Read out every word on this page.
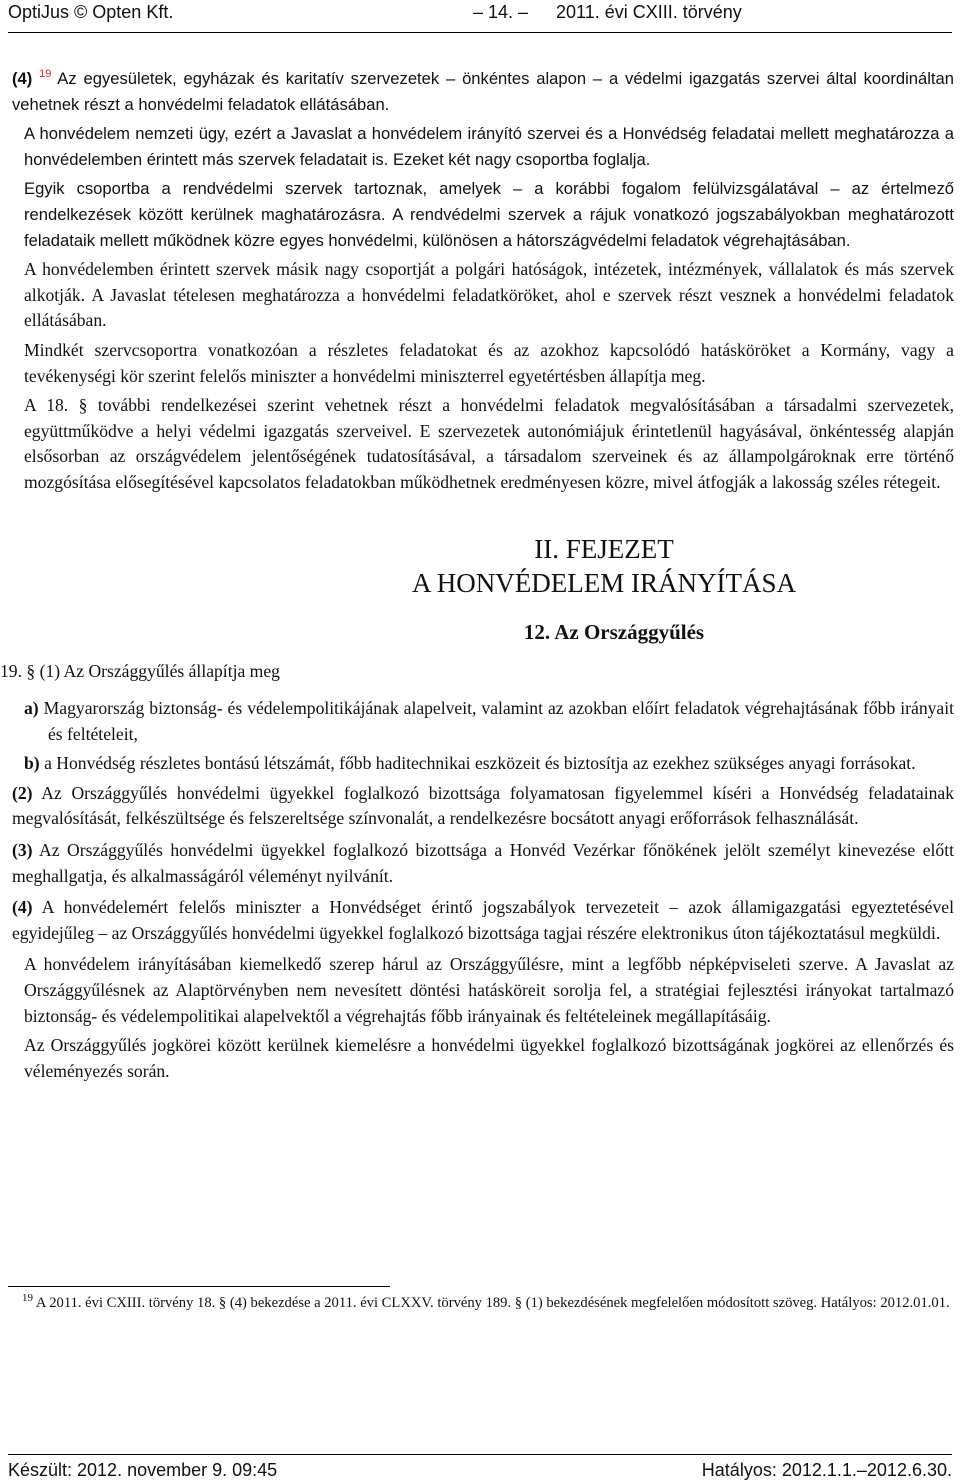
OptiJus © Opten Kft.	– 14. – 2011. évi CXIII. törvény

(4) $^{19}$ Az egyesületek, egyházak és karitatív szervezetek – önkéntes alapon – a védelmi igazgatás szervei által koordináltan vehetnek részt a honvédelmi feladatok ellátásában.

A honvédelem nemzeti ügy, ezért a Javaslat a honvédelem irányító szervei és a Honvédség feladatai mellett meghatározza a honvédelemben érintett más szervek feladatait is. Ezeket két nagy csoportba foglalja.

Egyik csoportba a rendvédelmi szervek tartoznak, amelyek – a korábbi fogalom felülvizsgálatával – az értelmező rendelkezések között kerülnek maghatározásra. A rendvédelmi szervek a rájuk vonatkozó jogszabályokban meghatározott feladataik mellett működnek közre egyes honvédelmi, különösen a hátországvédelmi feladatok végrehajtásában.

A honvédelemben érintett szervek másik nagy csoportját a polgári hatóságok, intézetek, intézmények, vállalatok és más szervek alkotják. A Javaslat tételesen meghatározza a honvédelmi feladatköröket, ahol e szervek részt vesznek a honvédelmi feladatok ellátásában.

Mindkét szervcsoportra vonatkozóan a részletes feladatokat és az azokhoz kapcsolódó hatásköröket a Kormány, vagy a tevékenységi kör szerint felelős miniszter a honvédelmi miniszterrel egyetértésben állapítja meg.

A 18. § további rendelkezései szerint vehetnek részt a honvédelmi feladatok megvalósításában a társadalmi szervezetek, együttműködve a helyi védelmi igazgatás szerveivel. E szervezetek autonómiájuk érintetlenül hagyásával, önkéntesség alapján elsősorban az országvédelem jelentőségének tudatosításával, a társadalom szerveinek és az állampolgároknak erre történő mozgósítása elősegítésével kapcsolatos feladatokban működhetnek eredményesen közre, mivel átfogják a lakosság széles rétegeit.

II. FEJEZET
A HONVÉDELEM IRÁNYÍTÁSA
12. Az Országgyűlés

19. § (1) Az Országgyűlés állapítja meg

a) Magyarország biztonság- és védelempolitikájának alapelveit, valamint az azokban előírt feladatok végrehajtásának főbb irányait és feltételeit,

b) a Honvédség részletes bontású létszámát, főbb haditechnikai eszközeit és biztosítja az ezekhez szükséges anyagi forrásokat.

(2) Az Országgyűlés honvédelmi ügyekkel foglalkozó bizottsága folyamatosan figyelemmel kíséri a Honvédség feladatainak megvalósítását, felkészültsége és felszereltsége színvonalát, a rendelkezésre bocsátott anyagi erőforrások felhasználását.

(3) Az Országgyűlés honvédelmi ügyekkel foglalkozó bizottsága a Honvéd Vezérkar főnökének jelölt személyt kinevezése előtt meghallgatja, és alkalmasságáról véleményt nyilvánít.

(4) A honvédelemért felelős miniszter a Honvédséget érintő jogszabályok tervezeteit – azok államigazgatási egyeztetésével egyidejűleg – az Országgyűlés honvédelmi ügyekkel foglalkozó bizottsága tagjai részére elektronikus úton tájékoztatásul megküldi.

A honvédelem irányításában kiemelkedő szerep hárul az Országgyűlésre, mint a legfőbb népképviseleti szerve. A Javaslat az Országgyűlésnek az Alaptörvényben nem nevesített döntési hatásköreit sorolja fel, a stratégiai fejlesztési irányokat tartalmazó biztonság- és védelempolitikai alapelvektől a végrehajtás főbb irányainak és feltételeinek megállapításáig.

Az Országgyűlés jogkörei között kerülnek kiemelésre a honvédelmi ügyekkel foglalkozó bizottságának jogkörei az ellenőrzés és véleményezés során.

$^{19}$ A 2011. évi CXIII. törvény 18. § (4) bekezdése a 2011. évi CLXXV. törvény 189. § (1) bekezdésének megfelelően módosított szöveg. Hatályos: 2012.01.01.
Készült: 2012. november 9. 09:45	Hatályos: 2012.1.1.–2012.6.30.
